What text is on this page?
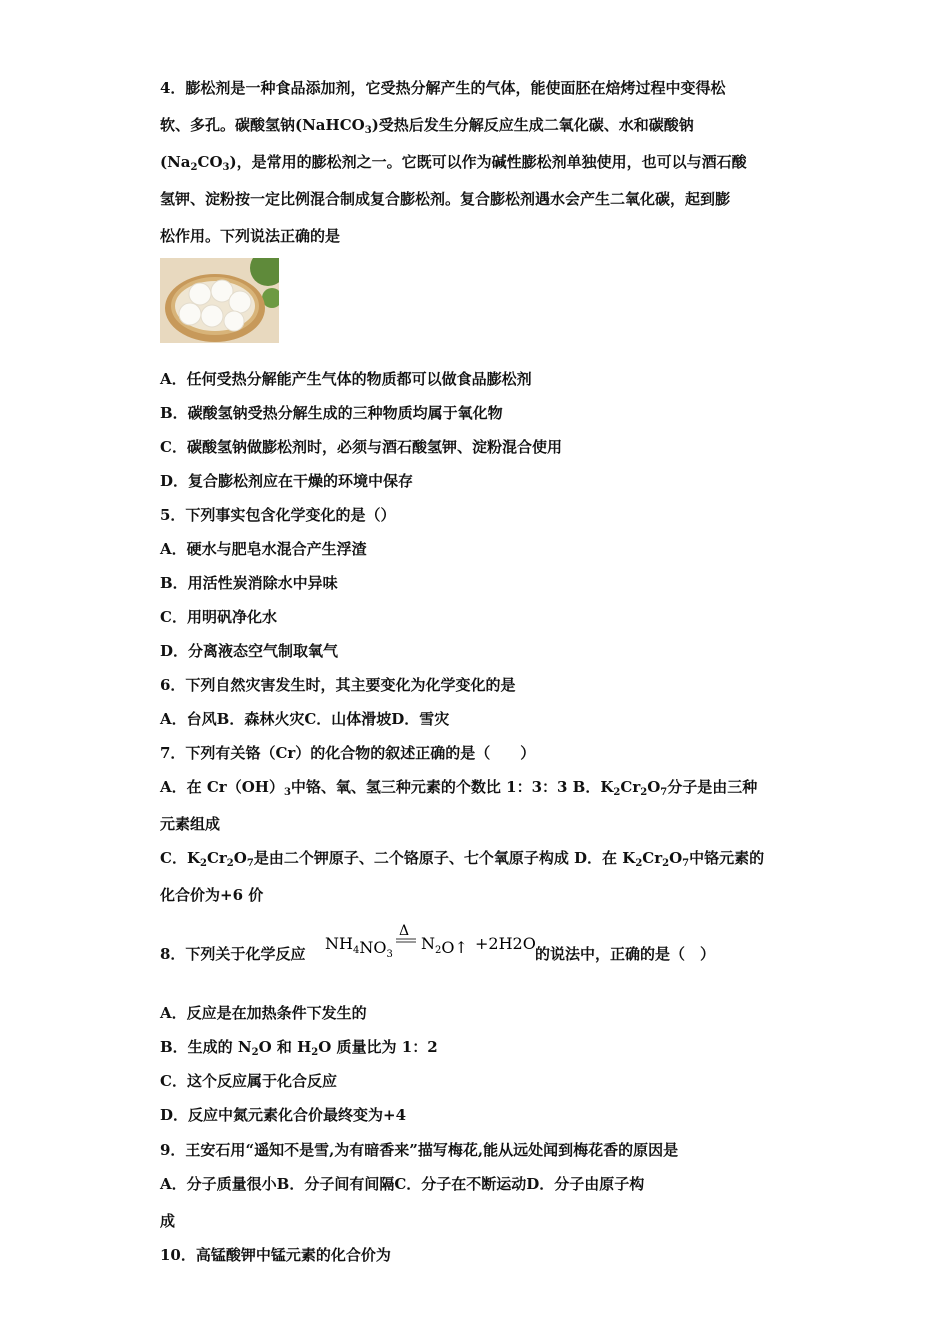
4．膨松剂是一种食品添加剂，它受热分解产生的气体，能使面胚在焙烤过程中变得松
软、多孔。碳酸氢钠(NaHCO$_3$)受热后发生分解反应生成二氧化碳、水和碳酸钠
$(Na_2CO_3)$，是常用的膨松剂之一。它既可以作为碱性膨松剂单独使用，也可以与酒石酸
氢钾、淀粉按一定比例混合制成复合膨松剂。复合膨松剂遇水会产生二氧化碳，起到膨
松作用。下列说法正确的是
A．任何受热分解能产生气体的物质都可以做食品膨松剂
B．碳酸氢钠受热分解生成的三种物质均属于氧化物
C．碳酸氢钠做膨松剂时，必须与酒石酸氢钾、淀粉混合使用
D．复合膨松剂应在干燥的环境中保存
5．下列事实包含化学变化的是（）
A．硬水与肥皂水混合产生浮渣
B．用活性炭消除水中异味
C．用明矾净化水
D．分离液态空气制取氧气
6．下列自然灾害发生时，其主要变化为化学变化的是
A．台风B．森林火灾C．山体滑坡D．雪灾
7．下列有关铬（Cr）的化合物的叙述正确的是（　　）
A．在 $Cr(OH)_3$中铬、氧、氢三种元素的个数比 1：3：3 B．$K_2Cr_2O_7$分子是由三种
元素组成
C．$K_2Cr_2O_7$是由二个钾原子、二个铬原子、七个氧原子构成 D．在 $K_2Cr_2O_7$中铬元素的
化合价为+6 价
8．下列关于化学反应
$NH_4NO_3$
Δ
$N_2O↑ +2H2O$
的说法中，正确的是（　）
A．反应是在加热条件下发生的
B．生成的 $N_2O$ 和 $H_2O$ 质量比为 1：2
C．这个反应属于化合反应
D．反应中氮元素化合价最终变为+4
9．王安石用“遥知不是雪,为有暗香来”描写梅花,能从远处闻到梅花香的原因是
A．分子质量很小B．分子间有间隔C．分子在不断运动D．分子由原子构
成
10．高锰酸钾中锰元素的化合价为
